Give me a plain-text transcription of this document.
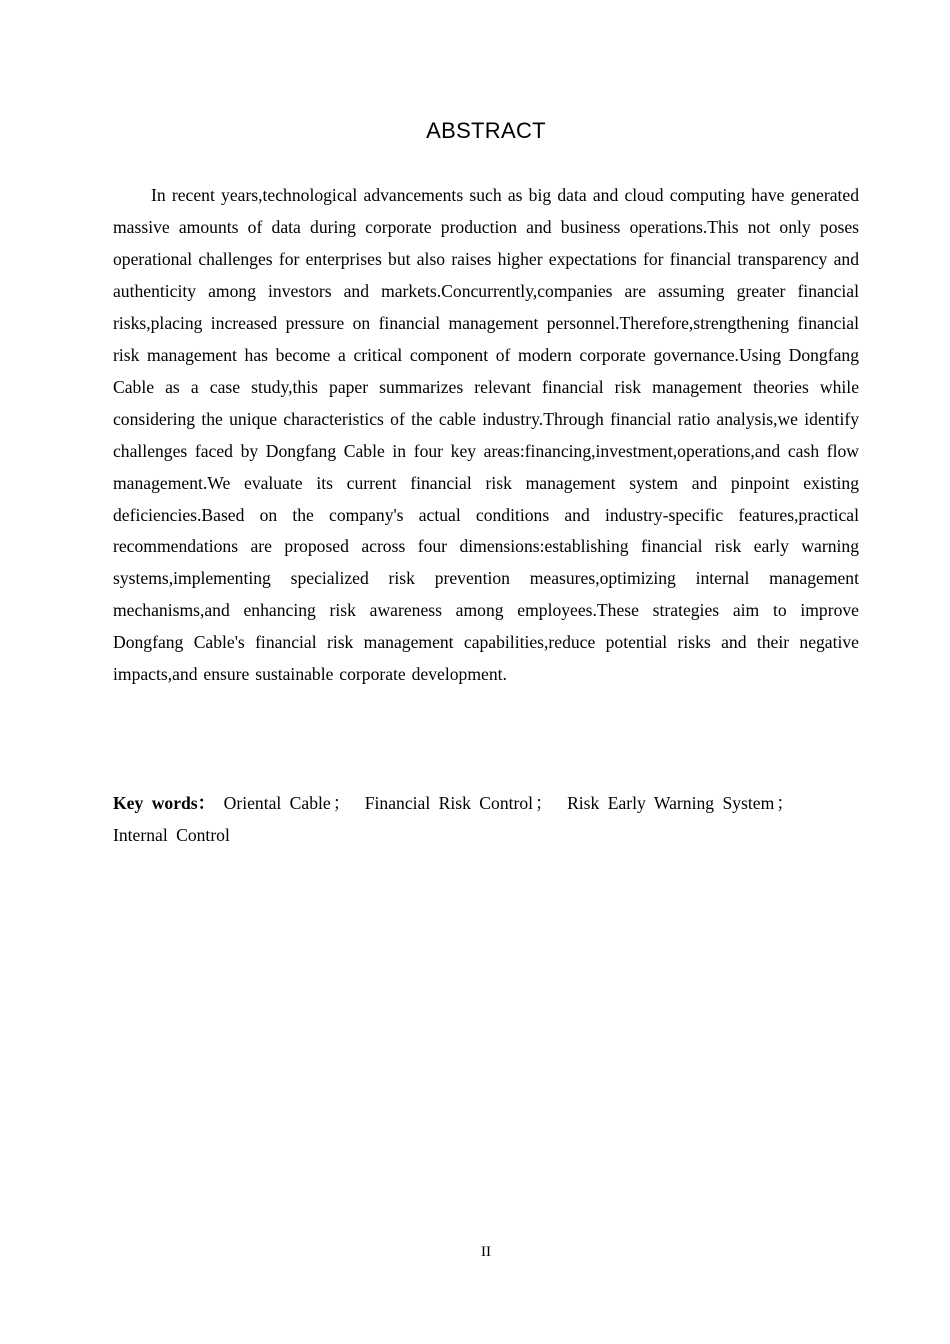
ABSTRACT

In recent years,technological advancements such as big data and cloud computing have generated massive amounts of data during corporate production and business operations.This not only poses operational challenges for enterprises but also raises higher expectations for financial transparency and authenticity among investors and markets.Concurrently,companies are assuming greater financial risks,placing increased pressure on financial management personnel.Therefore,strengthening financial risk management has become a critical component of modern corporate governance.Using Dongfang Cable as a case study,this paper summarizes relevant financial risk management theories while considering the unique characteristics of the cable industry.Through financial ratio analysis,we identify challenges faced by Dongfang Cable in four key areas:financing,investment,operations,and cash flow management.We evaluate its current financial risk management system and pinpoint existing deficiencies.Based on the company's actual conditions and industry-specific features,practical recommendations are proposed across four dimensions:establishing financial risk early warning systems,implementing specialized risk prevention measures,optimizing internal management mechanisms,and enhancing risk awareness among employees.These strategies aim to improve Dongfang Cable's financial risk management capabilities,reduce potential risks and their negative impacts,and ensure sustainable corporate development.

Key words： Oriental Cable ； Financial Risk Control ； Risk Early Warning System ； Internal Control

II
